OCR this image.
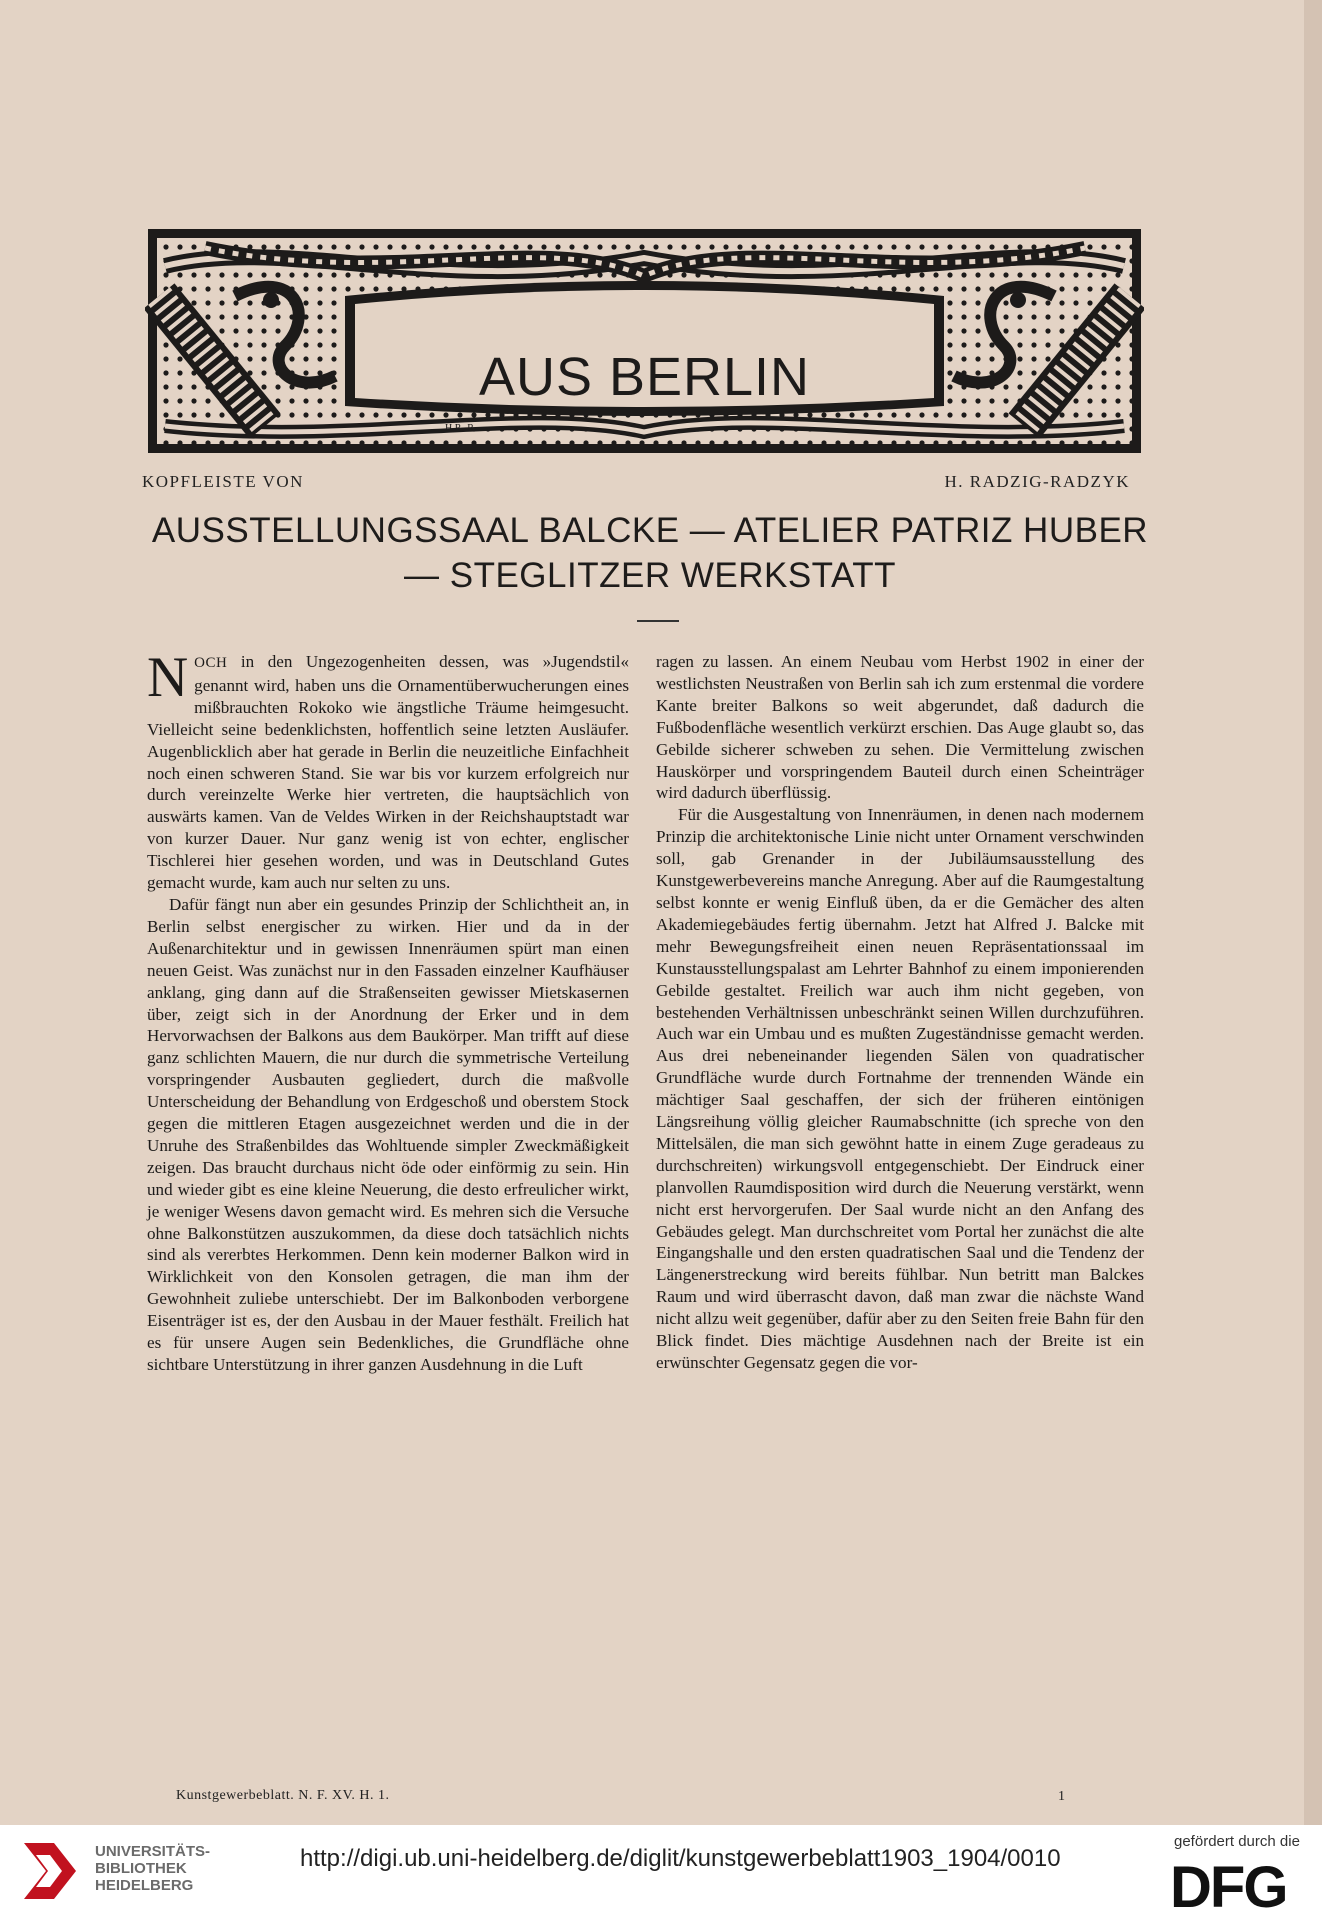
H.R.-R.
AUS BERLIN
KOPFLEISTE VON	H. RADZIG-RADZYK
AUSSTELLUNGSSAAL BALCKE — ATELIER PATRIZ HUBER
— STEGLITZER WERKSTATT

NOCH in den Ungezogenheiten dessen, was »Jugendstil« genannt wird, haben uns die Ornamentüberwucherungen eines mißbrauchten Rokoko wie ängstliche Träume heimgesucht. Vielleicht seine bedenklichsten, hoffentlich seine letzten Ausläufer. Augenblicklich aber hat gerade in Berlin die neuzeitliche Einfachheit noch einen schweren Stand. Sie war bis vor kurzem erfolgreich nur durch vereinzelte Werke hier vertreten, die hauptsächlich von auswärts kamen. Van de Veldes Wirken in der Reichshauptstadt war von kurzer Dauer. Nur ganz wenig ist von echter, englischer Tischlerei hier gesehen worden, und was in Deutschland Gutes gemacht wurde, kam auch nur selten zu uns.

Dafür fängt nun aber ein gesundes Prinzip der Schlichtheit an, in Berlin selbst energischer zu wirken. Hier und da in der Außenarchitektur und in gewissen Innenräumen spürt man einen neuen Geist. Was zunächst nur in den Fassaden einzelner Kaufhäuser anklang, ging dann auf die Straßenseiten gewisser Mietskasernen über, zeigt sich in der Anordnung der Erker und in dem Hervorwachsen der Balkons aus dem Baukörper. Man trifft auf diese ganz schlichten Mauern, die nur durch die symmetrische Verteilung vorspringender Ausbauten gegliedert, durch die maßvolle Unterscheidung der Behandlung von Erdgeschoß und oberstem Stock gegen die mittleren Etagen ausgezeichnet werden und die in der Unruhe des Straßenbildes das Wohltuende simpler Zweckmäßigkeit zeigen. Das braucht durchaus nicht öde oder einförmig zu sein. Hin und wieder gibt es eine kleine Neuerung, die desto erfreulicher wirkt, je weniger Wesens davon gemacht wird. Es mehren sich die Versuche ohne Balkonstützen auszukommen, da diese doch tatsächlich nichts sind als vererbtes Herkommen. Denn kein moderner Balkon wird in Wirklichkeit von den Konsolen getragen, die man ihm der Gewohnheit zuliebe unterschiebt. Der im Balkonboden verborgene Eisenträger ist es, der den Ausbau in der Mauer festhält. Freilich hat es für unsere Augen sein Bedenkliches, die Grundfläche ohne sichtbare Unterstützung in ihrer ganzen Ausdehnung in die Luft

ragen zu lassen. An einem Neubau vom Herbst 1902 in einer der westlichsten Neustraßen von Berlin sah ich zum erstenmal die vordere Kante breiter Balkons so weit abgerundet, daß dadurch die Fußbodenfläche wesentlich verkürzt erschien. Das Auge glaubt so, das Gebilde sicherer schweben zu sehen. Die Vermittelung zwischen Hauskörper und vorspringendem Bauteil durch einen Scheinträger wird dadurch überflüssig.

Für die Ausgestaltung von Innenräumen, in denen nach modernem Prinzip die architektonische Linie nicht unter Ornament verschwinden soll, gab Grenander in der Jubiläumsausstellung des Kunstgewerbevereins manche Anregung. Aber auf die Raumgestaltung selbst konnte er wenig Einfluß üben, da er die Gemächer des alten Akademiegebäudes fertig übernahm. Jetzt hat Alfred J. Balcke mit mehr Bewegungsfreiheit einen neuen Repräsentationssaal im Kunstausstellungspalast am Lehrter Bahnhof zu einem imponierenden Gebilde gestaltet. Freilich war auch ihm nicht gegeben, von bestehenden Verhältnissen unbeschränkt seinen Willen durchzuführen. Auch war ein Umbau und es mußten Zugeständnisse gemacht werden. Aus drei nebeneinander liegenden Sälen von quadratischer Grundfläche wurde durch Fortnahme der trennenden Wände ein mächtiger Saal geschaffen, der sich der früheren eintönigen Längsreihung völlig gleicher Raumabschnitte (ich spreche von den Mittelsälen, die man sich gewöhnt hatte in einem Zuge geradeaus zu durchschreiten) wirkungsvoll entgegenschiebt. Der Eindruck einer planvollen Raumdisposition wird durch die Neuerung verstärkt, wenn nicht erst hervorgerufen. Der Saal wurde nicht an den Anfang des Gebäudes gelegt. Man durchschreitet vom Portal her zunächst die alte Eingangshalle und den ersten quadratischen Saal und die Tendenz der Längenerstreckung wird bereits fühlbar. Nun betritt man Balckes Raum und wird überrascht davon, daß man zwar die nächste Wand nicht allzu weit gegenüber, dafür aber zu den Seiten freie Bahn für den Blick findet. Dies mächtige Ausdehnen nach der Breite ist ein erwünschter Gegensatz gegen die vor-

Kunstgewerbeblatt. N. F. XV. H. 1.	1
UNIVERSITÄTS-
BIBLIOTHEK
HEIDELBERG
http://digi.ub.uni-heidelberg.de/diglit/kunstgewerbeblatt1903_1904/0010
gefördert durch die
DFG
